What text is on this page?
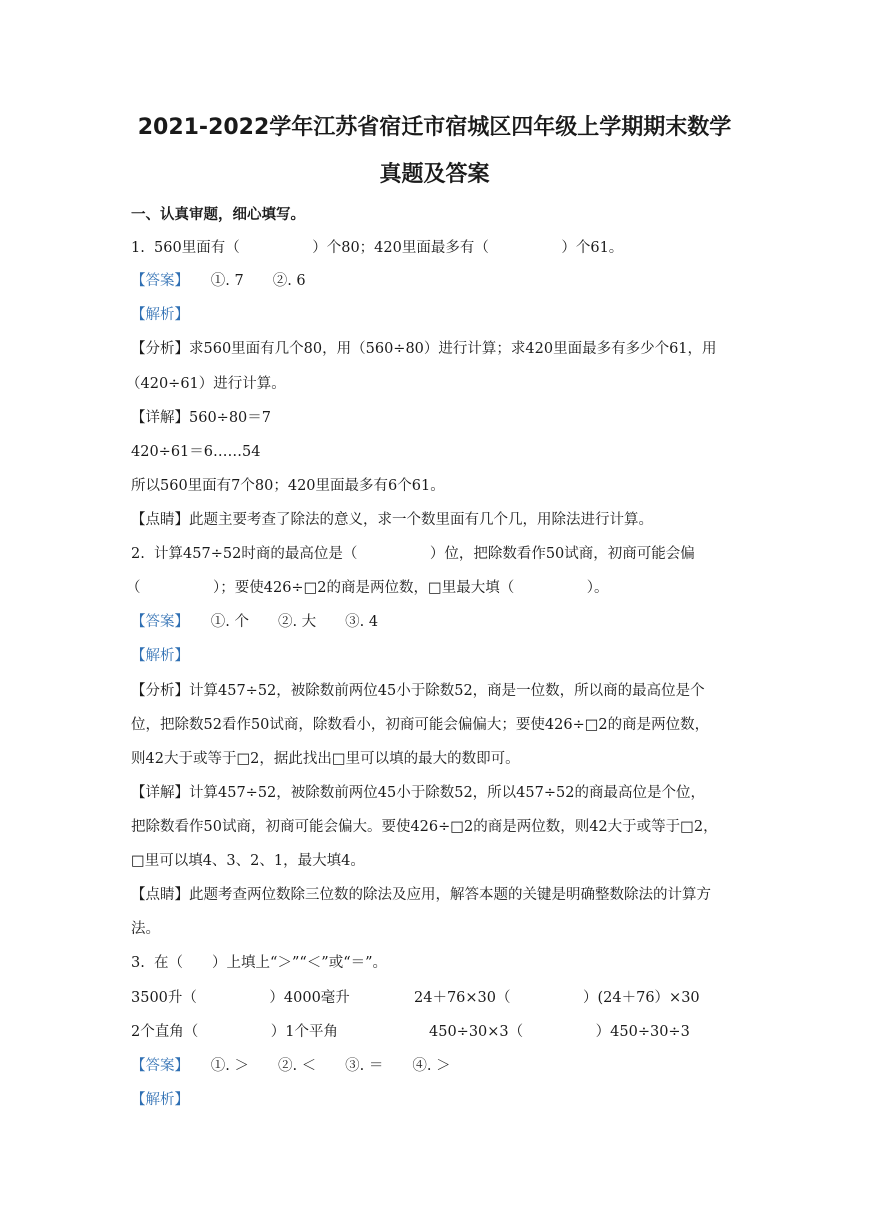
2021-2022学年江苏省宿迁市宿城区四年级上学期期末数学
真题及答案
一、认真审题，细心填写。
1.  560里面有（　　　　　）个80；420里面最多有（　　　　　）个61。
【答案】　　①. 7　　②. 6
【解析】
【分析】求560里面有几个80，用（560÷80）进行计算；求420里面最多有多少个61，用
（420÷61）进行计算。
【详解】560÷80＝7
420÷61＝6……54
所以560里面有7个80；420里面最多有6个61。
【点睛】此题主要考查了除法的意义，求一个数里面有几个几，用除法进行计算。
2.  计算457÷52时商的最高位是（　　　　　）位，把除数看作50试商，初商可能会偏
（　　　　　）；要使426÷□2的商是两位数，□里最大填（　　　　　）。
【答案】　　①. 个　　②. 大　　③. 4
【解析】
【分析】计算457÷52，被除数前两位45小于除数52，商是一位数，所以商的最高位是个
位，把除数52看作50试商，除数看小，初商可能会偏偏大；要使426÷□2的商是两位数，
则42大于或等于□2，据此找出□里可以填的最大的数即可。
【详解】计算457÷52，被除数前两位45小于除数52，所以457÷52的商最高位是个位，
把除数看作50试商，初商可能会偏大。要使426÷□2的商是两位数，则42大于或等于□2，
□里可以填4、3、2、1，最大填4。
【点睛】此题考查两位数除三位数的除法及应用，解答本题的关键是明确整数除法的计算方
法。
3.  在（　　）上填上“＞”“＜”或“＝”。
3500升（　　　　　）4000毫升	24＋76×30（　　　　　）(24＋76）×30
2个直角（　　　　　）1个平角	450÷30×3（　　　　　）450÷30÷3
【答案】　　①. ＞　　②. ＜　　③. ＝　　④. ＞
【解析】
